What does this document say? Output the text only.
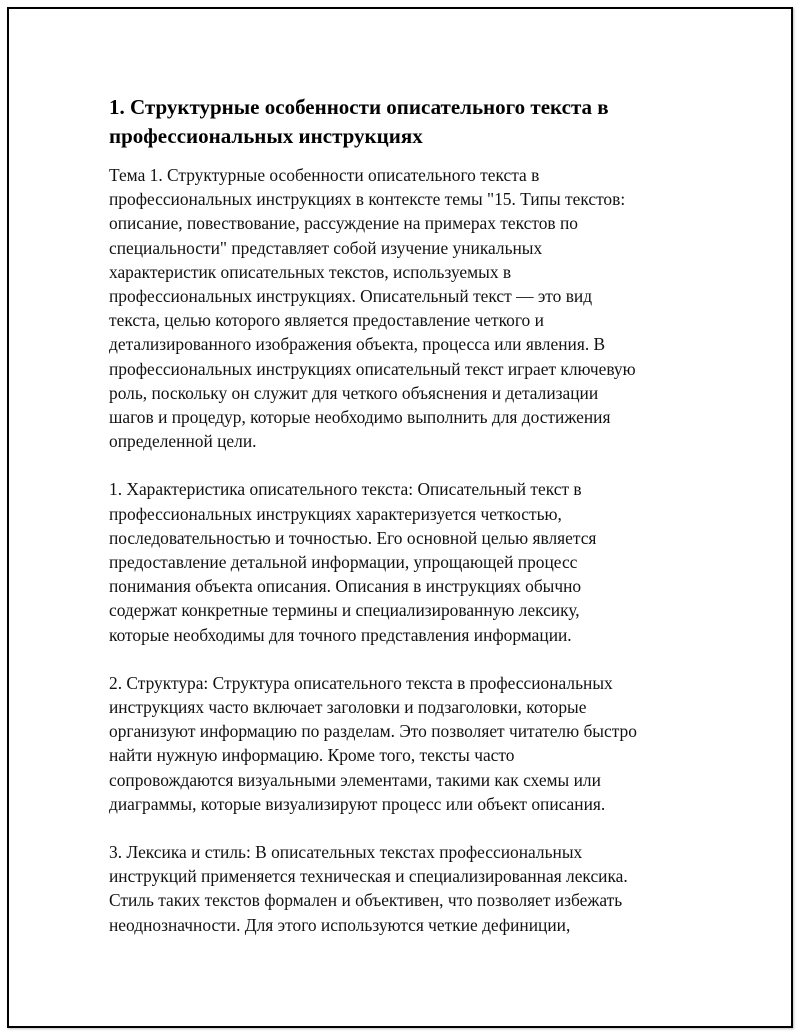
1. Структурные особенности описательного текста в
профессиональных инструкциях

Тема 1. Структурные особенности описательного текста в
профессиональных инструкциях в контексте темы "15. Типы текстов:
описание, повествование, рассуждение на примерах текстов по
специальности" представляет собой изучение уникальных
характеристик описательных текстов, используемых в
профессиональных инструкциях. Описательный текст — это вид
текста, целью которого является предоставление четкого и
детализированного изображения объекта, процесса или явления. В
профессиональных инструкциях описательный текст играет ключевую
роль, поскольку он служит для четкого объяснения и детализации
шагов и процедур, которые необходимо выполнить для достижения
определенной цели.

1. Характеристика описательного текста: Описательный текст в
профессиональных инструкциях характеризуется четкостью,
последовательностью и точностью. Его основной целью является
предоставление детальной информации, упрощающей процесс
понимания объекта описания. Описания в инструкциях обычно
содержат конкретные термины и специализированную лексику,
которые необходимы для точного представления информации.

2. Структура: Структура описательного текста в профессиональных
инструкциях часто включает заголовки и подзаголовки, которые
организуют информацию по разделам. Это позволяет читателю быстро
найти нужную информацию. Кроме того, тексты часто
сопровождаются визуальными элементами, такими как схемы или
диаграммы, которые визуализируют процесс или объект описания.

3. Лексика и стиль: В описательных текстах профессиональных
инструкций применяется техническая и специализированная лексика.
Стиль таких текстов формален и объективен, что позволяет избежать
неоднозначности. Для этого используются четкие дефиниции,
